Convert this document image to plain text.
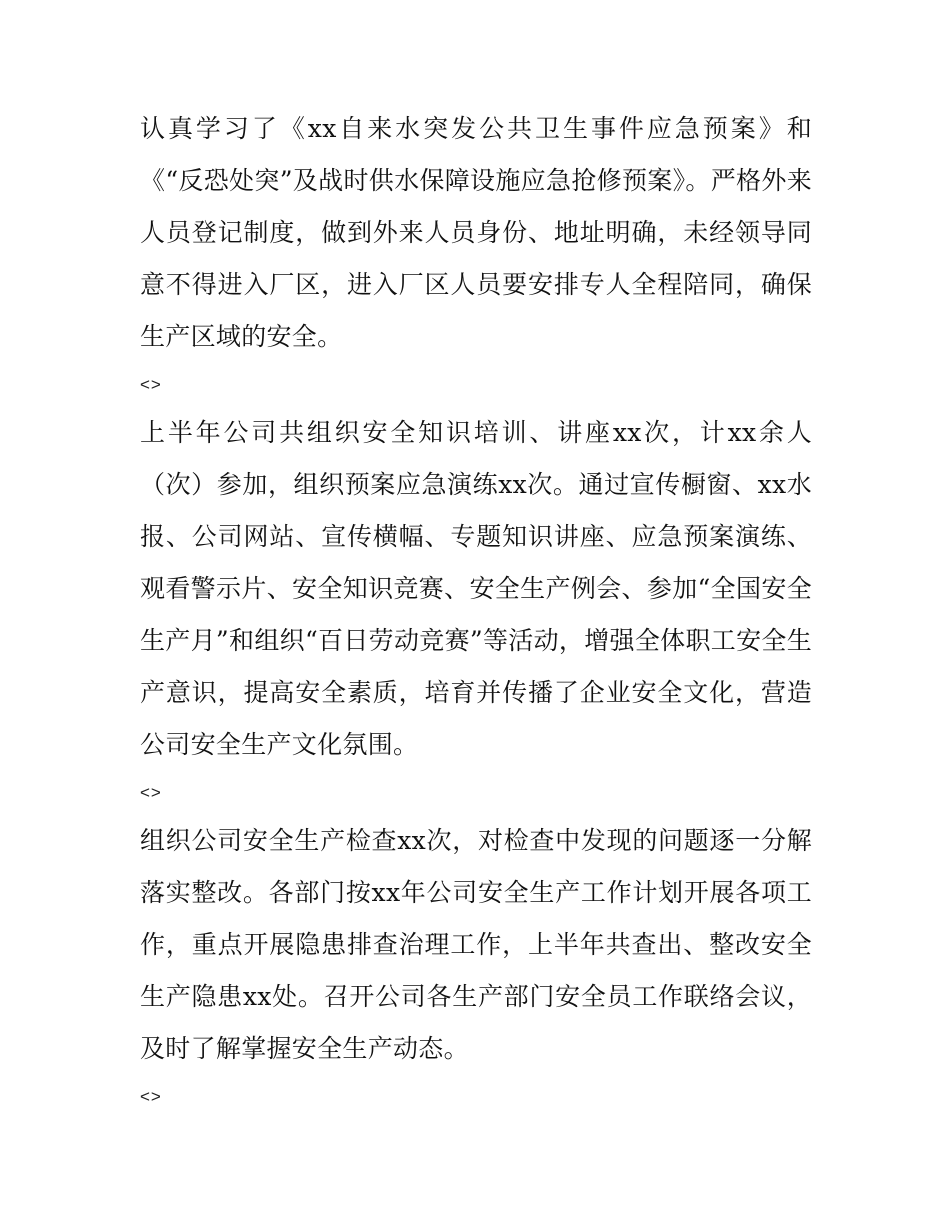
认真学习了《xx自来水突发公共卫生事件应急预案》和《“反恐处突”及战时供水保障设施应急抢修预案》。严格外来人员登记制度，做到外来人员身份、地址明确，未经领导同意不得进入厂区，进入厂区人员要安排专人全程陪同，确保生产区域的安全。

<>

上半年公司共组织安全知识培训、讲座xx次，计xx余人（次）参加，组织预案应急演练xx次。通过宣传橱窗、xx水报、公司网站、宣传横幅、专题知识讲座、应急预案演练、观看警示片、安全知识竞赛、安全生产例会、参加“全国安全生产月”和组织“百日劳动竞赛”等活动，增强全体职工安全生产意识，提高安全素质，培育并传播了企业安全文化，营造公司安全生产文化氛围。

<>

组织公司安全生产检查xx次，对检查中发现的问题逐一分解落实整改。各部门按xx年公司安全生产工作计划开展各项工作，重点开展隐患排查治理工作，上半年共查出、整改安全生产隐患xx处。召开公司各生产部门安全员工作联络会议，及时了解掌握安全生产动态。

<>
